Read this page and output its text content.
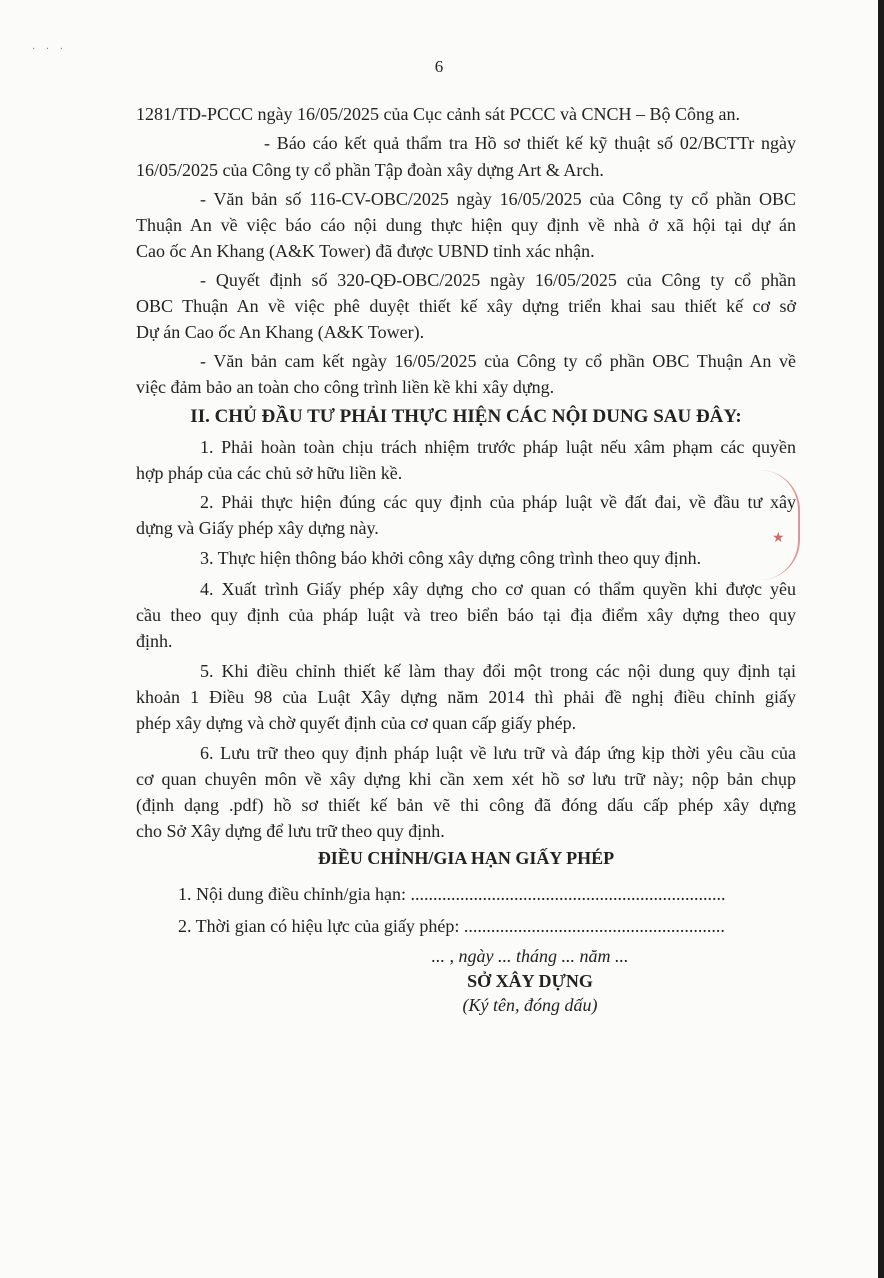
· · ·
6
1281/TD-PCCC ngày 16/05/2025 của Cục cảnh sát PCCC và CNCH – Bộ Công an.
- Báo cáo kết quả thẩm tra Hồ sơ thiết kế kỹ thuật số 02/BCTTr ngày
16/05/2025 của Công ty cổ phần Tập đoàn xây dựng Art & Arch.
- Văn bản số 116-CV-OBC/2025 ngày 16/05/2025 của Công ty cổ phần OBC
Thuận An về việc báo cáo nội dung thực hiện quy định về nhà ở xã hội tại dự án
Cao ốc An Khang (A&K Tower) đã được UBND tỉnh xác nhận.
- Quyết định số 320-QĐ-OBC/2025 ngày 16/05/2025 của Công ty cổ phần
OBC Thuận An về việc phê duyệt thiết kế xây dựng triển khai sau thiết kế cơ sở
Dự án Cao ốc An Khang (A&K Tower).
- Văn bản cam kết ngày 16/05/2025 của Công ty cổ phần OBC Thuận An về
việc đảm bảo an toàn cho công trình liền kề khi xây dựng.
II. CHỦ ĐẦU TƯ PHẢI THỰC HIỆN CÁC NỘI DUNG SAU ĐÂY:
1. Phải hoàn toàn chịu trách nhiệm trước pháp luật nếu xâm phạm các quyền
hợp pháp của các chủ sở hữu liền kề.
2. Phải thực hiện đúng các quy định của pháp luật về đất đai, về đầu tư xây
dựng và Giấy phép xây dựng này.
3. Thực hiện thông báo khởi công xây dựng công trình theo quy định.
4. Xuất trình Giấy phép xây dựng cho cơ quan có thẩm quyền khi được yêu
cầu theo quy định của pháp luật và treo biển báo tại địa điểm xây dựng theo quy
định.
5. Khi điều chỉnh thiết kế làm thay đổi một trong các nội dung quy định tại
khoản 1 Điều 98 của Luật Xây dựng năm 2014 thì phải đề nghị điều chỉnh giấy
phép xây dựng và chờ quyết định của cơ quan cấp giấy phép.
6. Lưu trữ theo quy định pháp luật về lưu trữ và đáp ứng kịp thời yêu cầu của
cơ quan chuyên môn về xây dựng khi cần xem xét hồ sơ lưu trữ này; nộp bản chụp
(định dạng .pdf) hồ sơ thiết kế bản vẽ thi công đã đóng dấu cấp phép xây dựng
cho Sở Xây dựng để lưu trữ theo quy định.
ĐIỀU CHỈNH/GIA HẠN GIẤY PHÉP
1. Nội dung điều chỉnh/gia hạn: ......................................................................
2. Thời gian có hiệu lực của giấy phép: ..........................................................
... , ngày ... tháng ... năm ...
SỞ XÂY DỰNG
(Ký tên, đóng dấu)
★
